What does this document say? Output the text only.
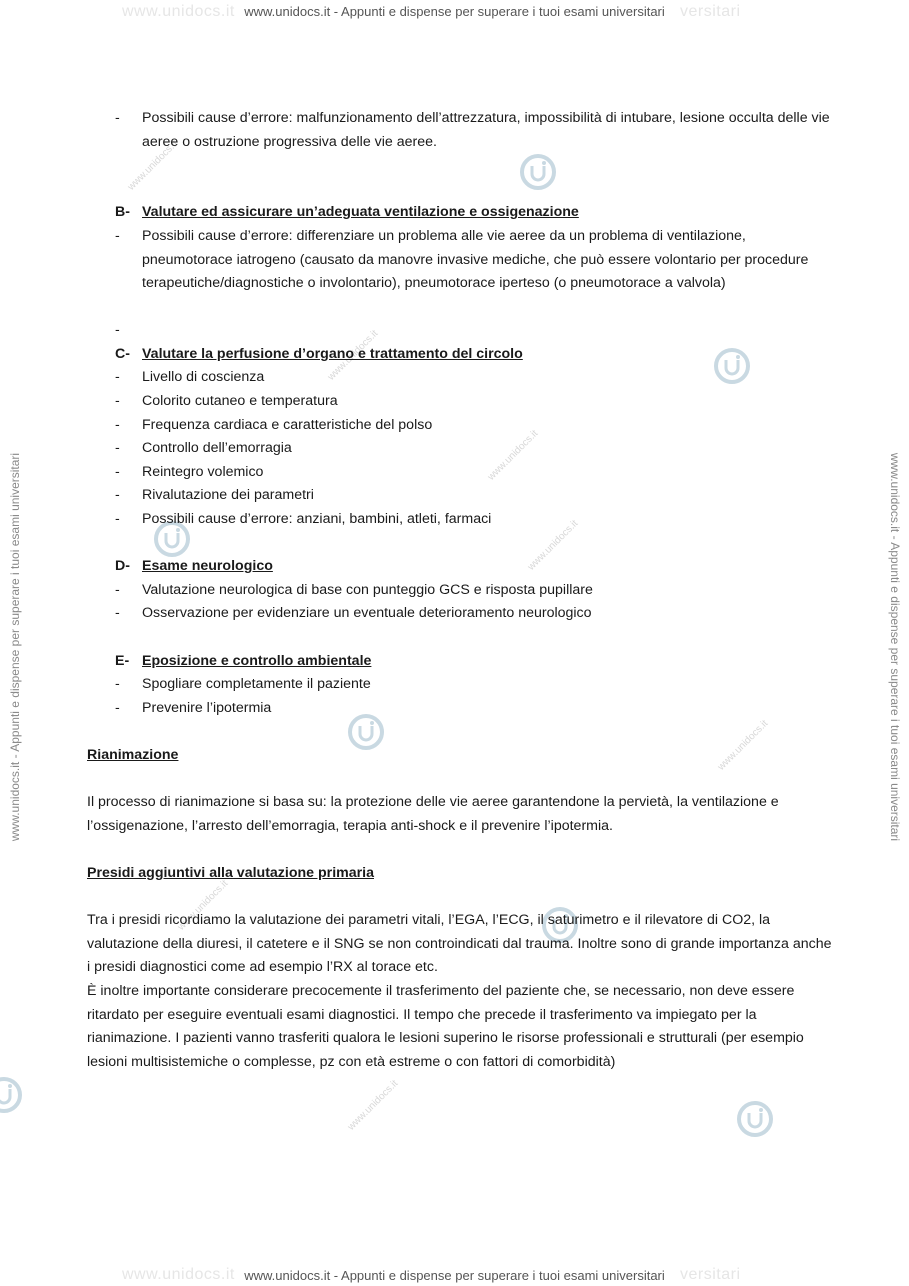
www.unidocs.it	versitari
www.unidocs.it - Appunti e dispense per superare i tuoi esami universitari
www.unidocs.it	versitari
www.unidocs.it - Appunti e dispense per superare i tuoi esami universitari
www.unidocs.it - Appunti e dispense per superare i tuoi esami universitari	www.unidocs.it - Appunti e dispense per superare i tuoi esami universitari
www.unidocs.it
www.unidocs.it
www.unidocs.it
www.unidocs.it
www.unidocs.it
www.unidocs.it
www.unidocs.it
- Possibili cause d’errore: malfunzionamento dell’attrezzatura, impossibilità di intubare, lesione occulta delle vie aeree o ostruzione progressiva delle vie aeree.
B- Valutare ed assicurare un’adeguata ventilazione e ossigenazione
- Possibili cause d’errore: differenziare un problema alle vie aeree da un problema di ventilazione, pneumotorace iatrogeno (causato da manovre invasive mediche, che può essere volontario per procedure terapeutiche/diagnostiche o involontario), pneumotorace iperteso (o pneumotorace a valvola)
-
C- Valutare la perfusione d’organo e trattamento del circolo
- Livello di coscienza
- Colorito cutaneo e temperatura
- Frequenza cardiaca e caratteristiche del polso
- Controllo dell’emorragia
- Reintegro volemico
- Rivalutazione dei parametri
- Possibili cause d’errore: anziani, bambini, atleti, farmaci
D- Esame neurologico
- Valutazione neurologica di base con punteggio GCS e risposta pupillare
- Osservazione per evidenziare un eventuale deterioramento neurologico
E- Eposizione e controllo ambientale
- Spogliare completamente il paziente
- Prevenire l’ipotermia
Rianimazione
Il processo di rianimazione si basa su: la protezione delle vie aeree garantendone la pervietà, la ventilazione e l’ossigenazione, l’arresto dell’emorragia, terapia anti-shock e il prevenire l’ipotermia.
Presidi aggiuntivi alla valutazione primaria
Tra i presidi ricordiamo la valutazione dei parametri vitali, l’EGA, l’ECG, il saturimetro e il rilevatore di CO2, la valutazione della diuresi, il catetere e il SNG se non controindicati dal trauma. Inoltre sono di grande importanza anche i presidi diagnostici come ad esempio l’RX al torace etc.
È inoltre importante considerare precocemente il trasferimento del paziente che, se necessario, non deve essere ritardato per eseguire eventuali esami diagnostici. Il tempo che precede il trasferimento va impiegato per la rianimazione. I pazienti vanno trasferiti qualora le lesioni superino le risorse professionali e strutturali (per esempio lesioni multisistemiche o complesse, pz con età estreme o con fattori di comorbidità)
